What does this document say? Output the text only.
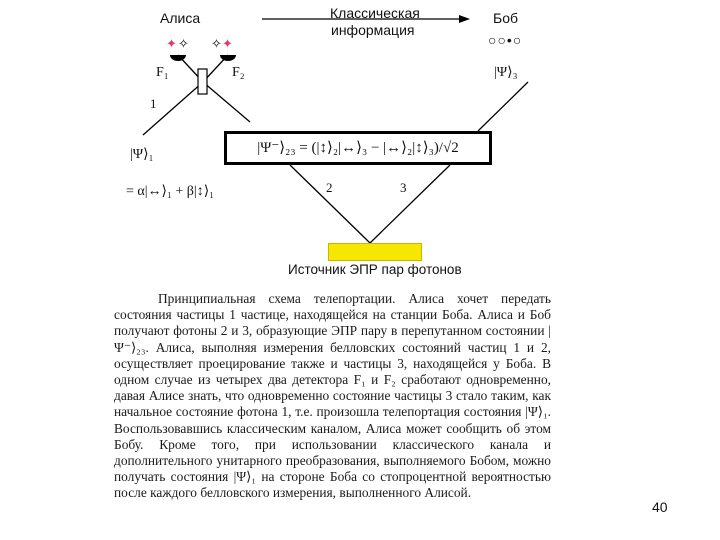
✦ ✧ ✧ ✦
Алиса	Боб
Классическая
информация
F₁	F₂
○○•○
|Ψ⟩₃
1
2	3
|Ψ⟩₁
= α|↔⟩₁ + β|↕⟩₁
|Ψ⁻⟩₂₃ = (|↕⟩₂|↔⟩₃ − |↔⟩₂|↕⟩₃)/√2
Источник ЭПР пар фотонов

Принципиальная схема телепортации. Алиса хочет передать состояния частицы 1 частице, находящейся на станции Боба. Алиса и Боб получают фотоны 2 и 3, образующие ЭПР пару в перепутанном состоянии |Ψ⁻⟩₂₃. Алиса, выполняя измерения белловских состояний частиц 1 и 2, осуществляет проецирование также и частицы 3, находящейся у Боба. В одном случае из четырех два детектора F₁ и F₂ сработают одновременно, давая Алисе знать, что одновременно состояние частицы 3 стало таким, как начальное состояние фотона 1, т.е. произошла телепортация состояния |Ψ⟩₁. Воспользовавшись классическим каналом, Алиса может сообщить об этом Бобу. Кроме того, при использовании классического канала и дополнительного унитарного преобразования, выполняемого Бобом, можно получать состояния |Ψ⟩₁ на стороне Боба со стопроцентной вероятностью после каждого белловского измерения, выполненного Алисой.

40
